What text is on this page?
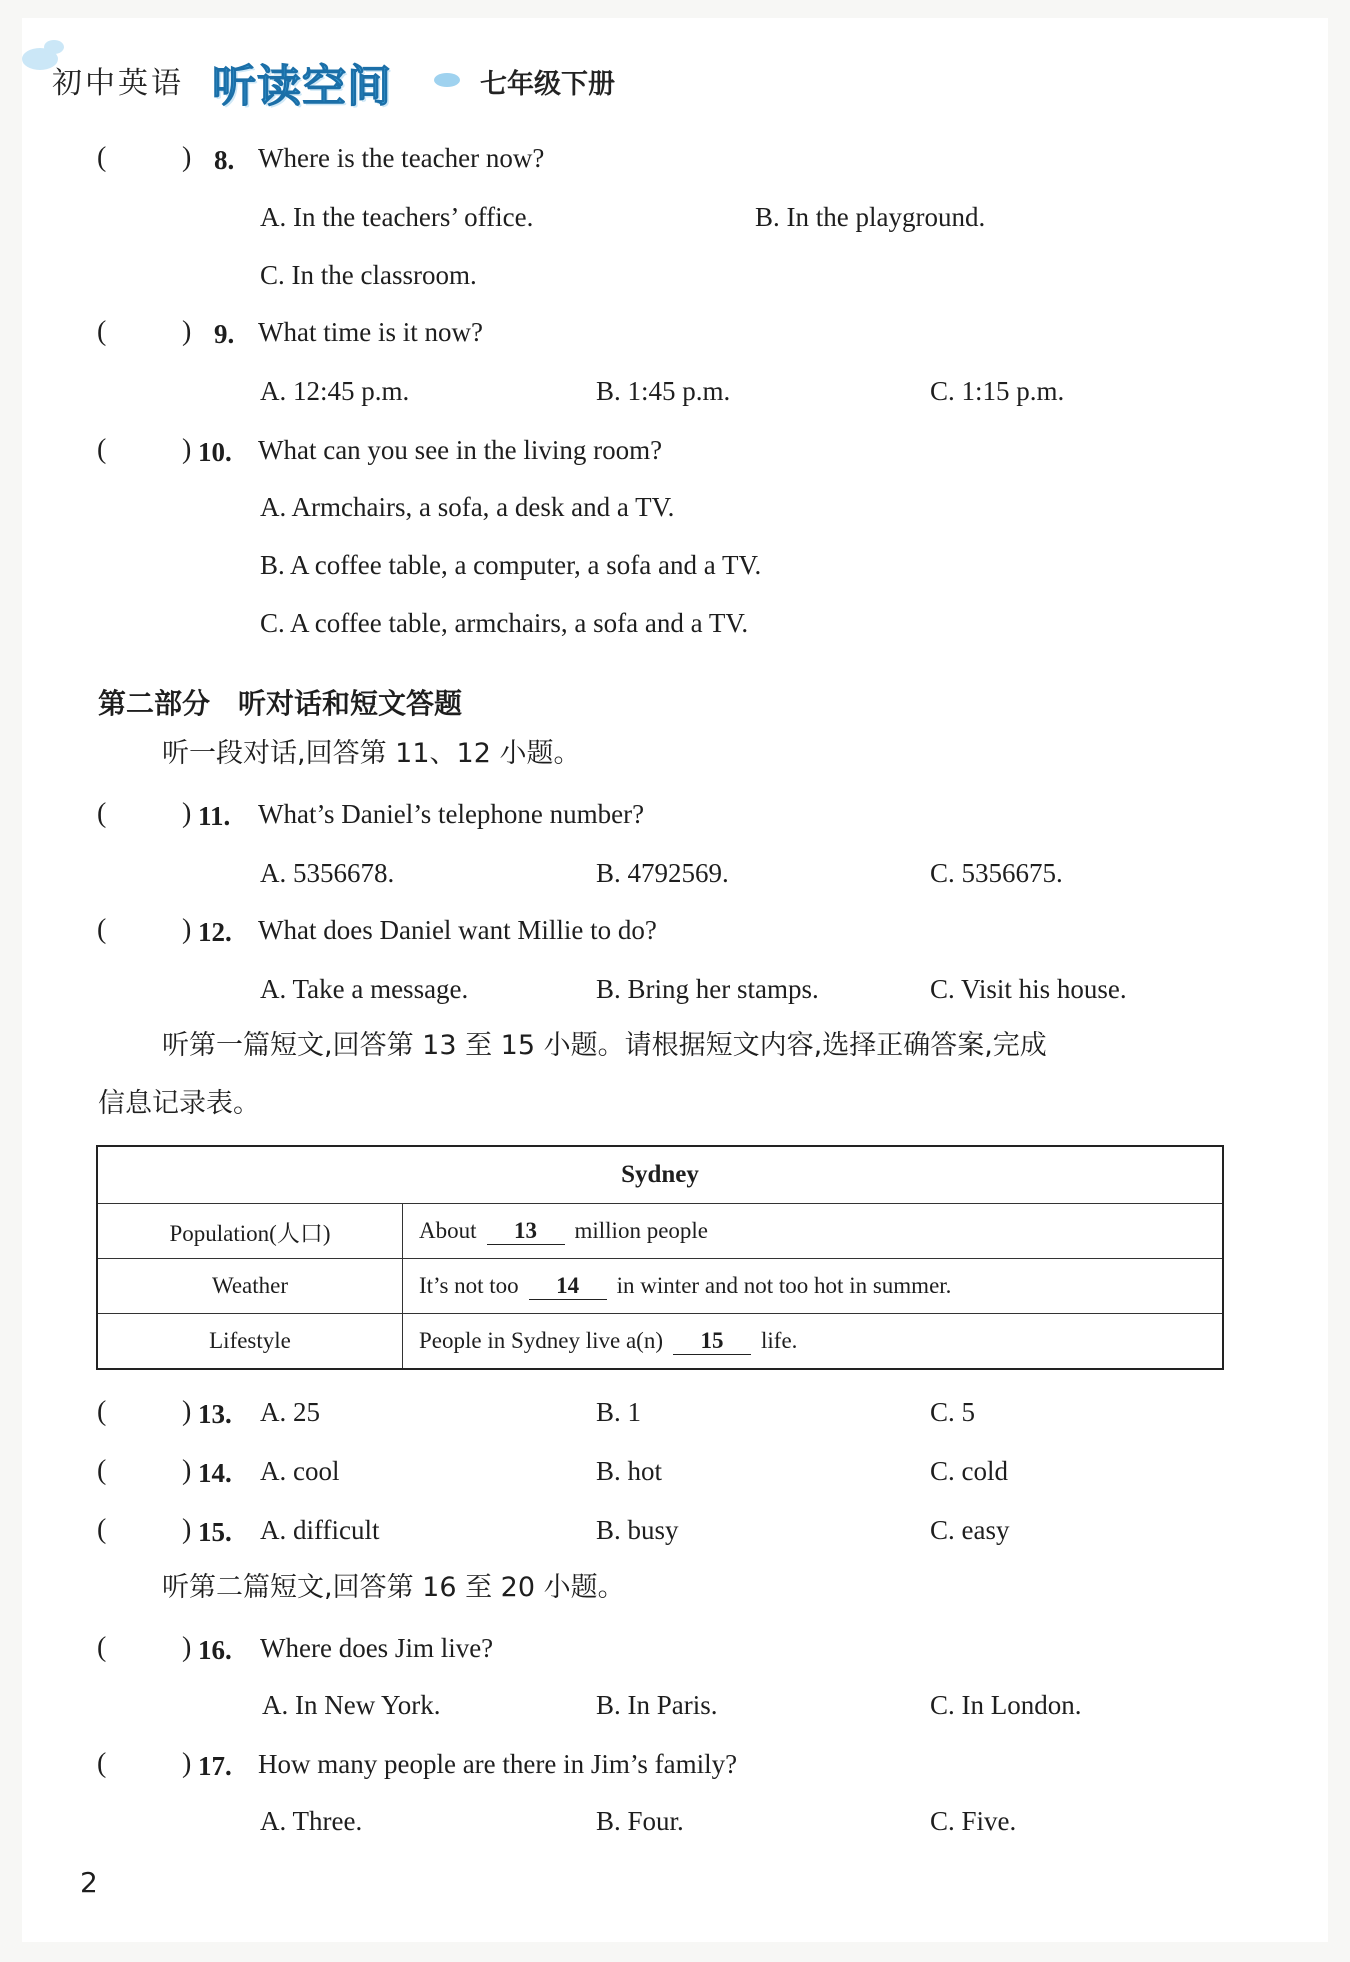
初中英语 听读空间	七年级下册
(	) 8. Where is the teacher now?
A. In the teachers’ office.	B. In the playground.
C. In the classroom.
(	) 9. What time is it now?
A. 12:45 p.m.	B. 1:45 p.m.	C. 1:15 p.m.
(	) 10. What can you see in the living room?
A. Armchairs, a sofa, a desk and a TV.
B. A coffee table, a computer, a sofa and a TV.
C. A coffee table, armchairs, a sofa and a TV.
第二部分　听对话和短文答题
听一段对话,回答第 11、12 小题。
(	) 11. What’s Daniel’s telephone number?
A. 5356678.	B. 4792569.	C. 5356675.
(	) 12. What does Daniel want Millie to do?
A. Take a message.	B. Bring her stamps.	C. Visit his house.
听第一篇短文,回答第 13 至 15 小题。请根据短文内容,选择正确答案,完成
信息记录表。
Sydney	
Population(人口)	About 13 million people
Weather	It’s not too 14 in winter and not too hot in summer.
Lifestyle	People in Sydney live a(n) 15 life.
(	) 13. A. 25	B. 1	C. 5
(	) 14. A. cool	B. hot	C. cold
(	) 15. A. difficult	B. busy	C. easy
听第二篇短文,回答第 16 至 20 小题。
(	) 16. Where does Jim live?
A. In New York.	B. In Paris.	C. In London.
(	) 17. How many people are there in Jim’s family?
A. Three.	B. Four.	C. Five.
2
